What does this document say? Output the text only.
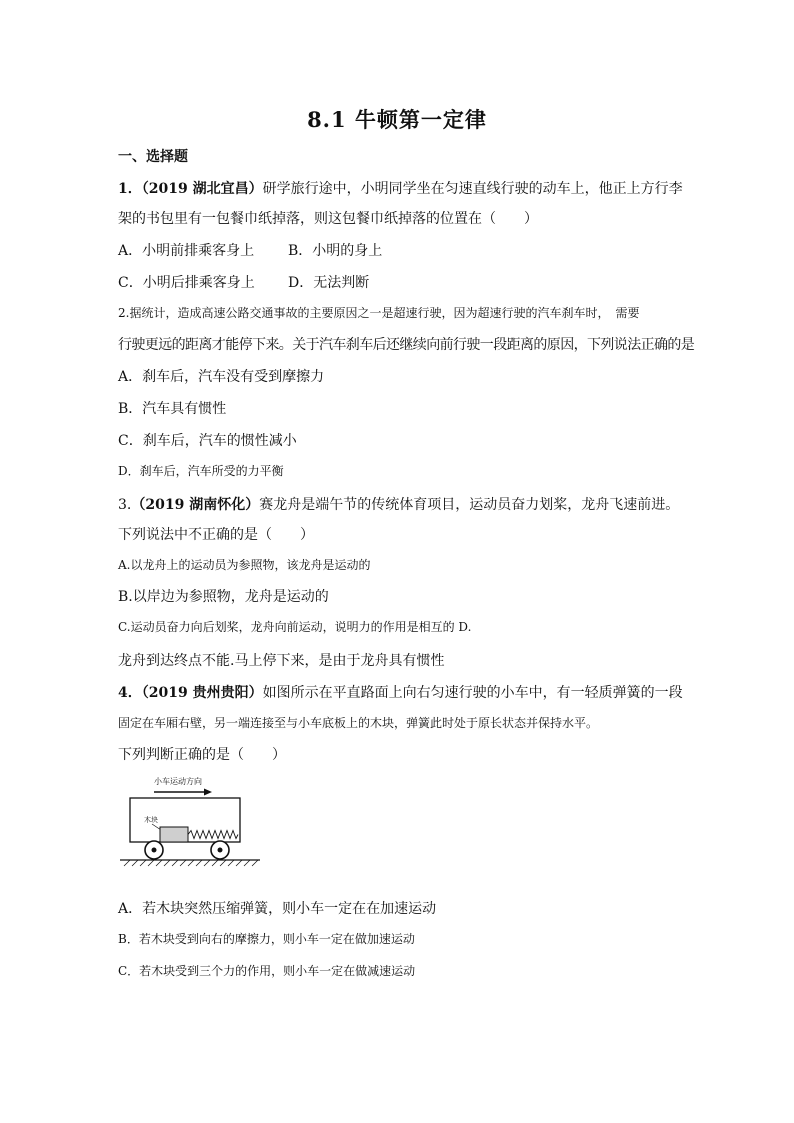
8.1 牛顿第一定律
一、选择题
1．（2019 湖北宜昌）研学旅行途中，小明同学坐在匀速直线行驶的动车上，他正上方行李
架的书包里有一包餐巾纸掉落，则这包餐巾纸掉落的位置在（　　）
A．小明前排乘客身上 B．小明的身上
C．小明后排乘客身上 D．无法判断
2.据统计，造成高速公路交通事故的主要原因之一是超速行驶，因为超速行驶的汽车刹车时，　需要
行驶更远的距离才能停下来。关于汽车刹车后还继续向前行驶一段距离的原因，下列说法正确的是
A．刹车后，汽车没有受到摩擦力
B．汽车具有惯性
C．刹车后，汽车的惯性减小
D．刹车后，汽车所受的力平衡
3.（2019 湖南怀化）赛龙舟是端午节的传统体育项目，运动员奋力划桨，龙舟飞速前进。
下列说法中不正确的是（　　）
A.以龙舟上的运动员为参照物，该龙舟是运动的
B.以岸边为参照物，龙舟是运动的
C.运动员奋力向后划桨，龙舟向前运动，说明力的作用是相互的 D.
龙舟到达终点不能.马上停下来，是由于龙舟具有惯性
4．（2019 贵州贵阳）如图所示在平直路面上向右匀速行驶的小车中，有一轻质弹簧的一段
固定在车厢右壁，另一端连接至与小车底板上的木块，弹簧此时处于原长状态并保持水平。
下列判断正确的是（　　）
小车运动方向
木块
A．若木块突然压缩弹簧，则小车一定在在加速运动
B．若木块受到向右的摩擦力，则小车一定在做加速运动
C．若木块受到三个力的作用，则小车一定在做减速运动
